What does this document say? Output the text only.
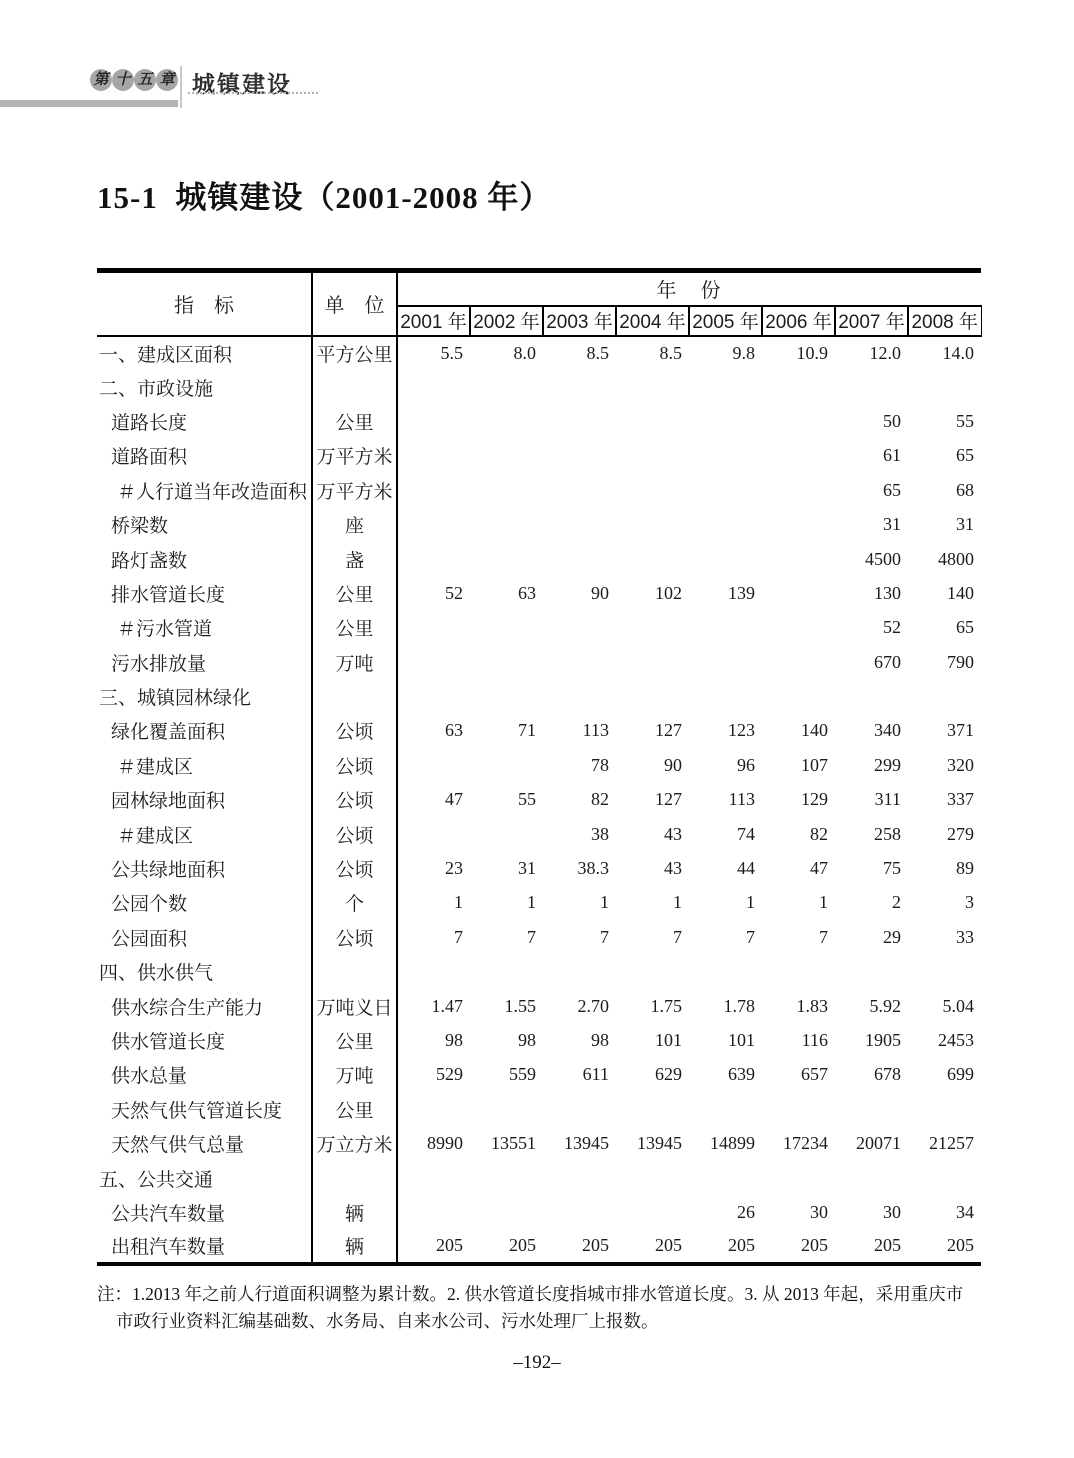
第 十 五 章 城镇建设
15-1  城镇建设（2001-2008 年）
指　标	单　位	年　份							
		2001 年	2002 年	2003 年	2004 年	2005 年	2006 年	2007 年	2008 年
一、建成区面积	平方公里	5.5	8.0	8.5	8.5	9.8	10.9	12.0	14.0
二、市政设施									
道路长度	公里							50	55
道路面积	万平方米							61	65
＃人行道当年改造面积	万平方米							65	68
桥梁数	座							31	31
路灯盏数	盏							4500	4800
排水管道长度	公里	52	63	90	102	139		130	140
＃污水管道	公里							52	65
污水排放量	万吨							670	790
三、城镇园林绿化									
绿化覆盖面积	公顷	63	71	113	127	123	140	340	371
＃建成区	公顷			78	90	96	107	299	320
园林绿地面积	公顷	47	55	82	127	113	129	311	337
＃建成区	公顷			38	43	74	82	258	279
公共绿地面积	公顷	23	31	38.3	43	44	47	75	89
公园个数	个	1	1	1	1	1	1	2	3
公园面积	公顷	7	7	7	7	7	7	29	33
四、供水供气									
供水综合生产能力	万吨义日	1.47	1.55	2.70	1.75	1.78	1.83	5.92	5.04
供水管道长度	公里	98	98	98	101	101	116	1905	2453
供水总量	万吨	529	559	611	629	639	657	678	699
天然气供气管道长度	公里								
天然气供气总量	万立方米	8990	13551	13945	13945	14899	17234	20071	21257
五、公共交通									
公共汽车数量	辆					26	30	30	34
出租汽车数量	辆	205	205	205	205	205	205	205	205
注：1.2013 年之前人行道面积调整为累计数。2. 供水管道长度指城市排水管道长度。3. 从 2013 年起，采用重庆市
市政行业资料汇编基础数、水务局、自来水公司、污水处理厂上报数。
–192–
